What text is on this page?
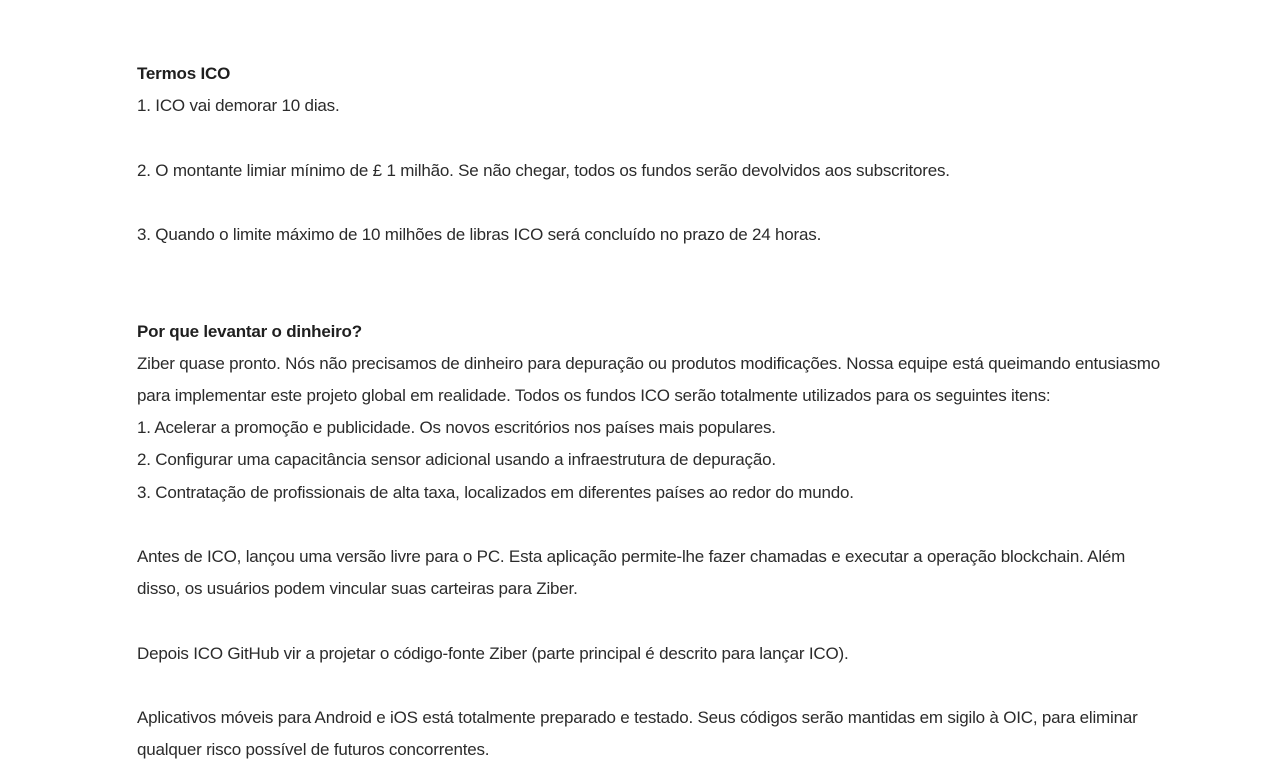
Termos ICO

1. ICO vai demorar 10 dias.

2. O montante limiar mínimo de £ 1 milhão. Se não chegar, todos os fundos serão devolvidos aos subscritores.

3. Quando o limite máximo de 10 milhões de libras ICO será concluído no prazo de 24 horas.

Por que levantar o dinheiro?

Ziber quase pronto. Nós não precisamos de dinheiro para depuração ou produtos modificações. Nossa equipe está queimando entusiasmo para implementar este projeto global em realidade. Todos os fundos ICO serão totalmente utilizados para os seguintes itens:

1. Acelerar a promoção e publicidade. Os novos escritórios nos países mais populares.

2. Configurar uma capacitância sensor adicional usando a infraestrutura de depuração.

3. Contratação de profissionais de alta taxa, localizados em diferentes países ao redor do mundo.

Antes de ICO, lançou uma versão livre para o PC. Esta aplicação permite-lhe fazer chamadas e executar a operação blockchain. Além disso, os usuários podem vincular suas carteiras para Ziber.

Depois ICO GitHub vir a projetar o código-fonte Ziber (parte principal é descrito para lançar ICO).

Aplicativos móveis para Android e iOS está totalmente preparado e testado. Seus códigos serão mantidas em sigilo à OIC, para eliminar qualquer risco possível de futuros concorrentes.
